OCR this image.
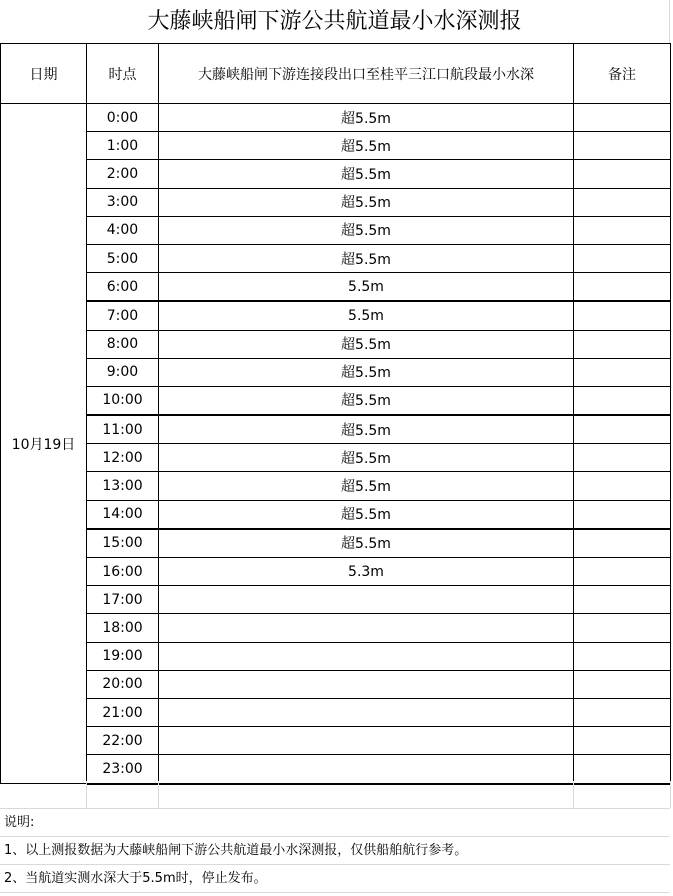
大藤峡船闸下游公共航道最小水深测报
日期	时点	大藤峡船闸下游连接段出口至桂平三江口航段最小水深	备注
10月19日	0:00	超5.5m	
	1:00	超5.5m	
	2:00	超5.5m	
	3:00	超5.5m	
	4:00	超5.5m	
	5:00	超5.5m	
	6:00	5.5m	
	7:00	5.5m	
	8:00	超5.5m	
	9:00	超5.5m	
	10:00	超5.5m	
	11:00	超5.5m	
	12:00	超5.5m	
	13:00	超5.5m	
	14:00	超5.5m	
	15:00	超5.5m	
	16:00	5.3m	
	17:00		
	18:00		
	19:00		
	20:00		
	21:00		
	22:00		
	23:00		
说明:
1、以上测报数据为大藤峡船闸下游公共航道最小水深测报，仅供船舶航行参考。
2、当航道实测水深大于5.5m时，停止发布。
